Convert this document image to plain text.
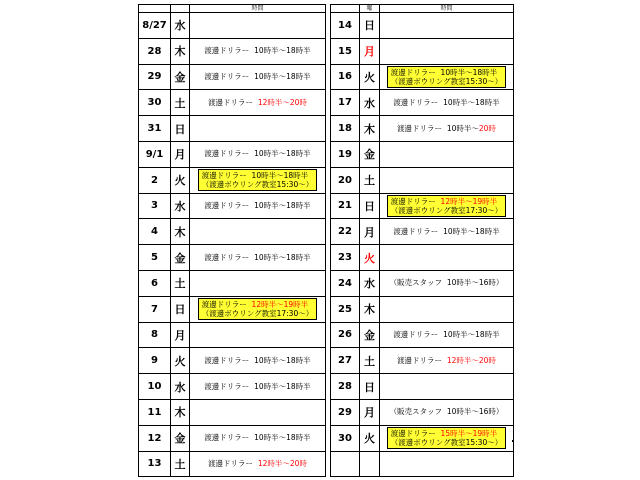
		時間
8/27	水	
28	木	渡邊ドリラー 10時半～18時半

29	金	渡邊ドリラー 10時半～18時半

30	土	渡邊ドリラー 12時半～20時

31	日	
9/1	月	渡邊ドリラー 10時半～18時半

2	火	渡邊ドリラー 10時半～18時半
（渡邊ボウリング教室15:30～）

3	水	渡邊ドリラー 10時半～18時半

4	木	
5	金	渡邊ドリラー 10時半～18時半

6	土	
7	日	渡邊ドリラー 12時半～19時半
（渡邊ボウリング教室17:30～）

8	月	
9	火	渡邊ドリラー 10時半～18時半

10	水	渡邊ドリラー 10時半～18時半

11	木	
12	金	渡邊ドリラー 10時半～18時半

13	土	渡邊ドリラー 12時半～20時
	曜	時間
14	日	
15	月	
16	火	渡邊ドリラー 10時半～18時半
（渡邊ボウリング教室15:30～）

17	水	渡邊ドリラー 10時半～18時半

18	木	渡邊ドリラー 10時半～20時

19	金	
20	土	
21	日	渡邊ドリラー 12時半～19時半
（渡邊ボウリング教室17:30～）

22	月	渡邊ドリラー 10時半～18時半

23	火	
24	水	（販売スタッフ 10時半～16時）

25	木	
26	金	渡邊ドリラー 10時半～18時半

27	土	渡邊ドリラー 12時半～20時

28	日	
29	月	（販売スタッフ 10時半～16時）

30	火	渡邊ドリラー 15時半～19時半
（渡邊ボウリング教室15:30～）
